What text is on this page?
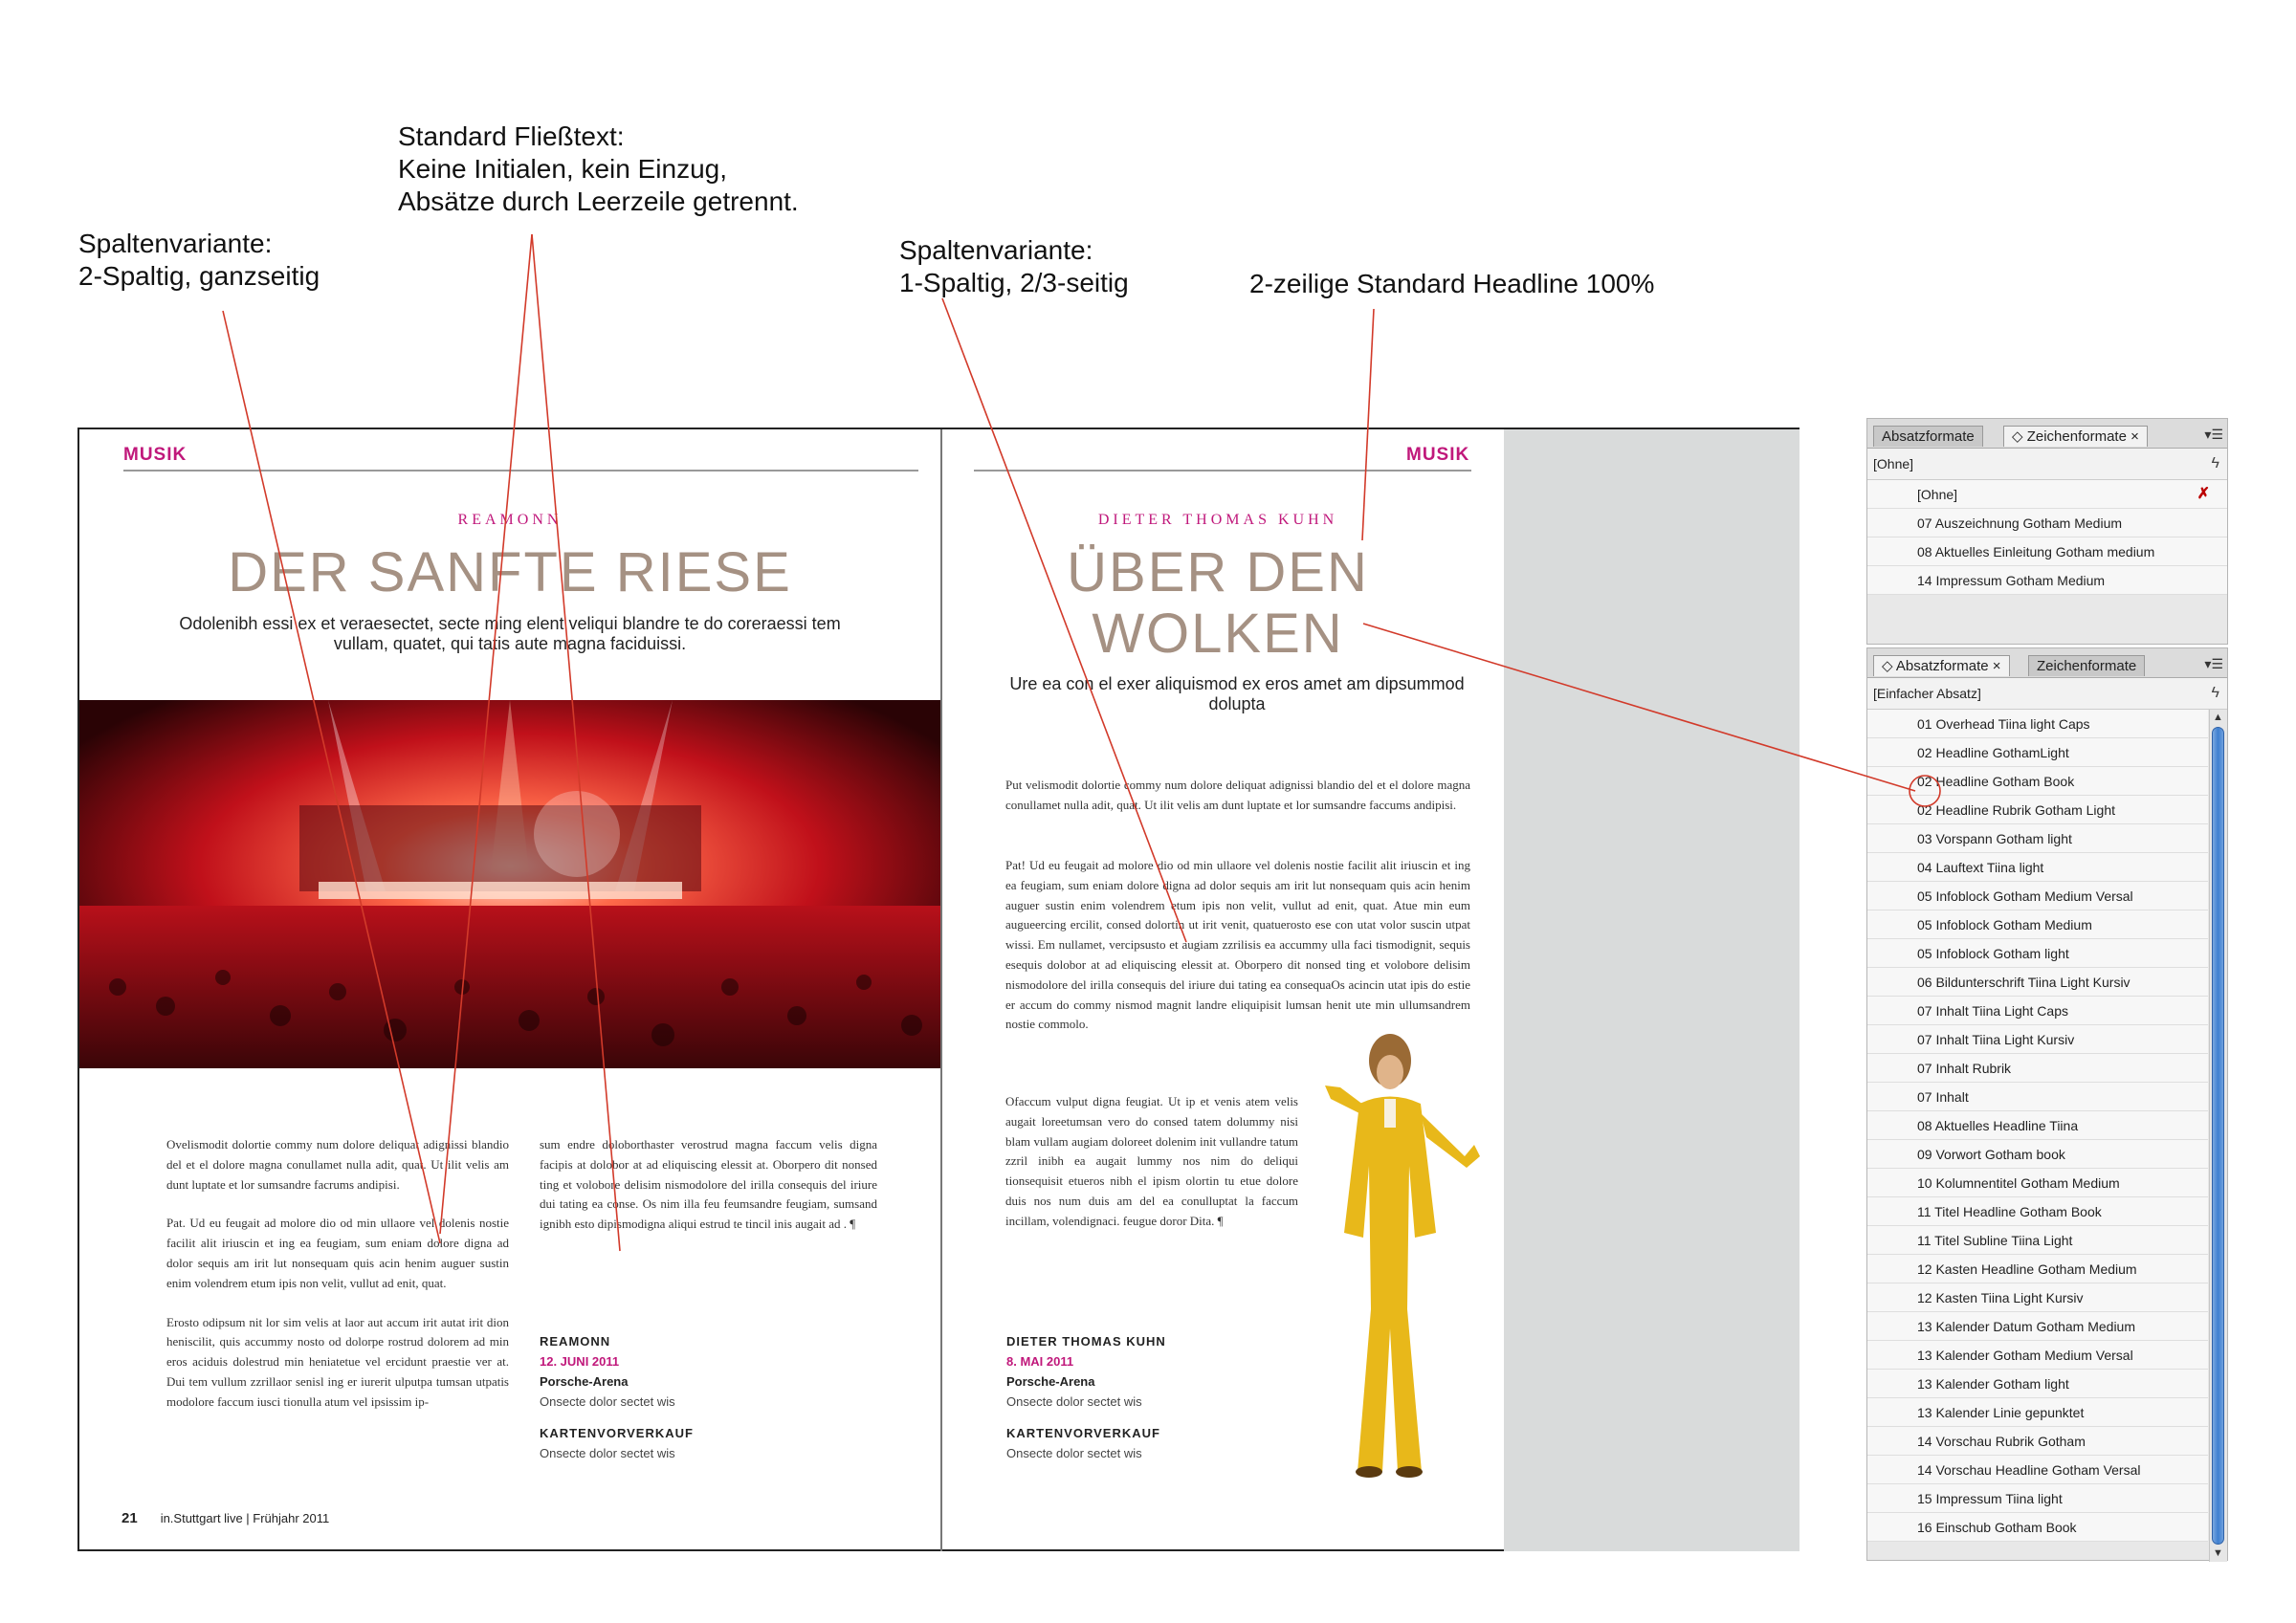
Standard Fließtext:
Keine Initialen, kein Einzug,
Absätze durch Leerzeile getrennt.
Spaltenvariante:
2-Spaltig, ganzseitig
Spaltenvariante:
1-Spaltig, 2/3-seitig	2-zeilige Standard Headline 100%
MUSIK
REAMONN
DER SANFTE RIESE
Odolenibh essi ex et veraesectet, secte ming elent veliqui blandre te do coreraessi tem vullam, quatet, qui tatis aute magna faciduissi.

Ovelismodit dolortie commy num dolore deliquat adignissi blandio del et el dolore magna conullamet nulla adit, quat. Ut ilit velis am dunt luptate et lor sumsandre facrums andipisi.

Pat. Ud eu feugait ad molore dio od min ullaore vel dolenis nostie facilit alit iriuscin et ing ea feugiam, sum eniam dolore digna ad dolor sequis am irit lut nonsequam quis acin henim auguer sustin enim volendrem etum ipis non velit, vullut ad enit, quat.

Erosto odipsum nit lor sim velis at laor aut accum irit autat irit dion heniscilit, quis accummy nosto od dolorpe rostrud dolorem ad min eros aciduis dolestrud min heniatetue vel ercidunt praestie ver at. Dui tem vullum zzrillaor senisl ing er iurerit ulputpa tumsan utpatis modolore faccum iusci tionulla atum vel ipsissim ip-

sum endre doloborthaster verostrud magna faccum velis digna facipis at dolobor at ad eliquiscing elessit at. Oborpero dit nonsed ting et volobore delisim nismodolore del irilla consequis del iriure dui tating ea conse. Os nim illa feu feumsandre feugiam, sumsand ignibh esto dipismodigna aliqui estrud te tincil inis augait ad . ¶

REAMONN
12. JUNI 2011
Porsche-Arena
Onsecte dolor sectet wis
KARTENVORVERKAUF
Onsecte dolor sectet wis
21 in.Stuttgart live | Frühjahr 2011
MUSIK
DIETER THOMAS KUHN
ÜBER DEN
WOLKEN
Ure ea con el exer aliquismod ex eros amet am dipsummod dolupta
Put velismodit dolortie commy num dolore deliquat adignissi blandio del et el dolore magna conullamet nulla adit, quat. Ut ilit velis am dunt luptate et lor sumsandre faccums andipisi.
Pat! Ud eu feugait ad molore dio od min ullaore vel dolenis nostie facilit alit iriuscin et ing ea feugiam, sum eniam dolore digna ad dolor sequis am irit lut nonsequam quis acin henim auguer sustin enim volendrem etum ipis non velit, vullut ad enit, quat. Atue min eum augueercing ercilit, consed dolortin ut irit venit, quatuerosto ese con utat volor suscin utpat wissi. Em nullamet, vercipsusto et augiam zzrilisis ea accummy ulla faci tismodignit, sequis esequis dolobor at ad eliquiscing elessit at. Oborpero dit nonsed ting et volobore delisim nismodolore del irilla consequis del iriure dui tating ea consequaOs acincin utat ipis do estie er accum do commy nismod magnit landre eliquipisit lumsan henit ute min ullumsandrem nostie commolo.
Ofaccum vulput digna feugiat. Ut ip et venis atem velis augait loreetumsan vero do consed tatem dolummy nisi blam vullam augiam doloreet dolenim init vullandre tatum zzril inibh ea augait lummy nos nim do deliqui tionsequisit etueros nibh el ipism olortin tu etue dolore duis nos num duis am del ea conulluptat la faccum incillam, volendignaci. feugue doror Dita. ¶
DIETER THOMAS KUHN
8. MAI 2011
Porsche-Arena
Onsecte dolor sectet wis
KARTENVORVERKAUF
Onsecte dolor sectet wis
Absatzformate	◇ Zeichenformate ×	▾☰
[Ohne]	ϟ
[Ohne]	✗
07 Auszeichnung Gotham Medium
08 Aktuelles Einleitung Gotham medium
14 Impressum Gotham Medium
◇ Absatzformate ×	Zeichenformate	▾☰
[Einfacher Absatz]	ϟ
01 Overhead Tiina light Caps
02 Headline GothamLight
02 Headline Gotham Book
02 Headline Rubrik Gotham Light
03 Vorspann Gotham light
04 Lauftext Tiina light
05 Infoblock Gotham Medium Versal
05 Infoblock Gotham Medium
05 Infoblock Gotham light
06 Bildunterschrift Tiina Light Kursiv
07 Inhalt Tiina Light Caps
07 Inhalt Tiina Light Kursiv
07 Inhalt Rubrik
07 Inhalt
08 Aktuelles Headline Tiina
09 Vorwort Gotham book
10 Kolumnentitel Gotham Medium
11 Titel Headline Gotham Book
11 Titel Subline Tiina Light
12 Kasten Headline Gotham Medium
12 Kasten Tiina Light Kursiv
13 Kalender Datum Gotham Medium
13 Kalender Gotham Medium Versal
13 Kalender Gotham light
13 Kalender Linie gepunktet
14 Vorschau Rubrik Gotham
14 Vorschau Headline Gotham Versal
15 Impressum Tiina light
16 Einschub Gotham Book
▲
▼
